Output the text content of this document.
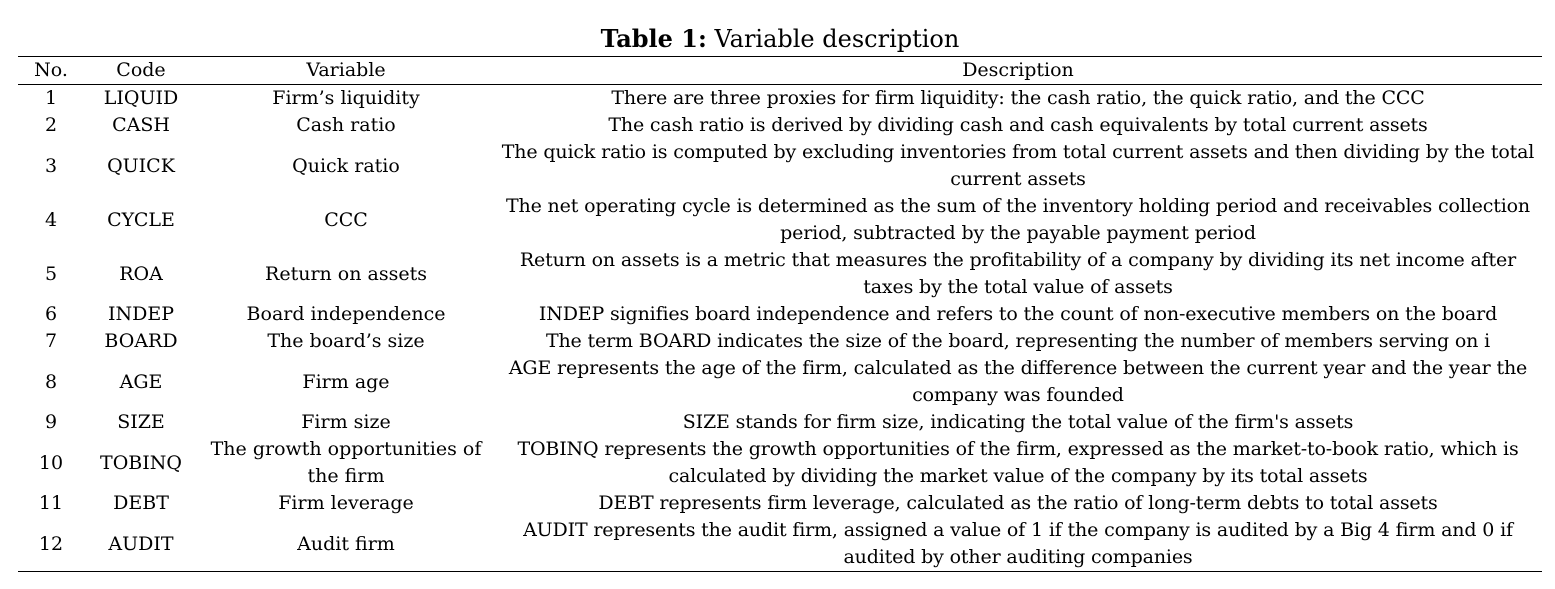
Table 1: Variable description
No.	Code	Variable	Description
1	LIQUID	Firm’s liquidity	There are three proxies for firm liquidity: the cash ratio, the quick ratio, and the CCC
2	CASH	Cash ratio	The cash ratio is derived by dividing cash and cash equivalents by total current assets
3	QUICK	Quick ratio	The quick ratio is computed by excluding inventories from total current assets and then dividing by the total current assets
4	CYCLE	CCC	The net operating cycle is determined as the sum of the inventory holding period and receivables collection period, subtracted by the payable payment period
5	ROA	Return on assets	Return on assets is a metric that measures the profitability of a company by dividing its net income after taxes by the total value of assets
6	INDEP	Board independence	INDEP signifies board independence and refers to the count of non-executive members on the board
7	BOARD	The board’s size	The term BOARD indicates the size of the board, representing the number of members serving on i
8	AGE	Firm age	AGE represents the age of the firm, calculated as the difference between the current year and the year the company was founded
9	SIZE	Firm size	SIZE stands for firm size, indicating the total value of the firm's assets
10	TOBINQ	The growth opportunities of the firm	TOBINQ represents the growth opportunities of the firm, expressed as the market-to-book ratio, which is calculated by dividing the market value of the company by its total assets
11	DEBT	Firm leverage	DEBT represents firm leverage, calculated as the ratio of long-term debts to total assets
12	AUDIT	Audit firm	AUDIT represents the audit firm, assigned a value of 1 if the company is audited by a Big 4 firm and 0 if audited by other auditing companies
